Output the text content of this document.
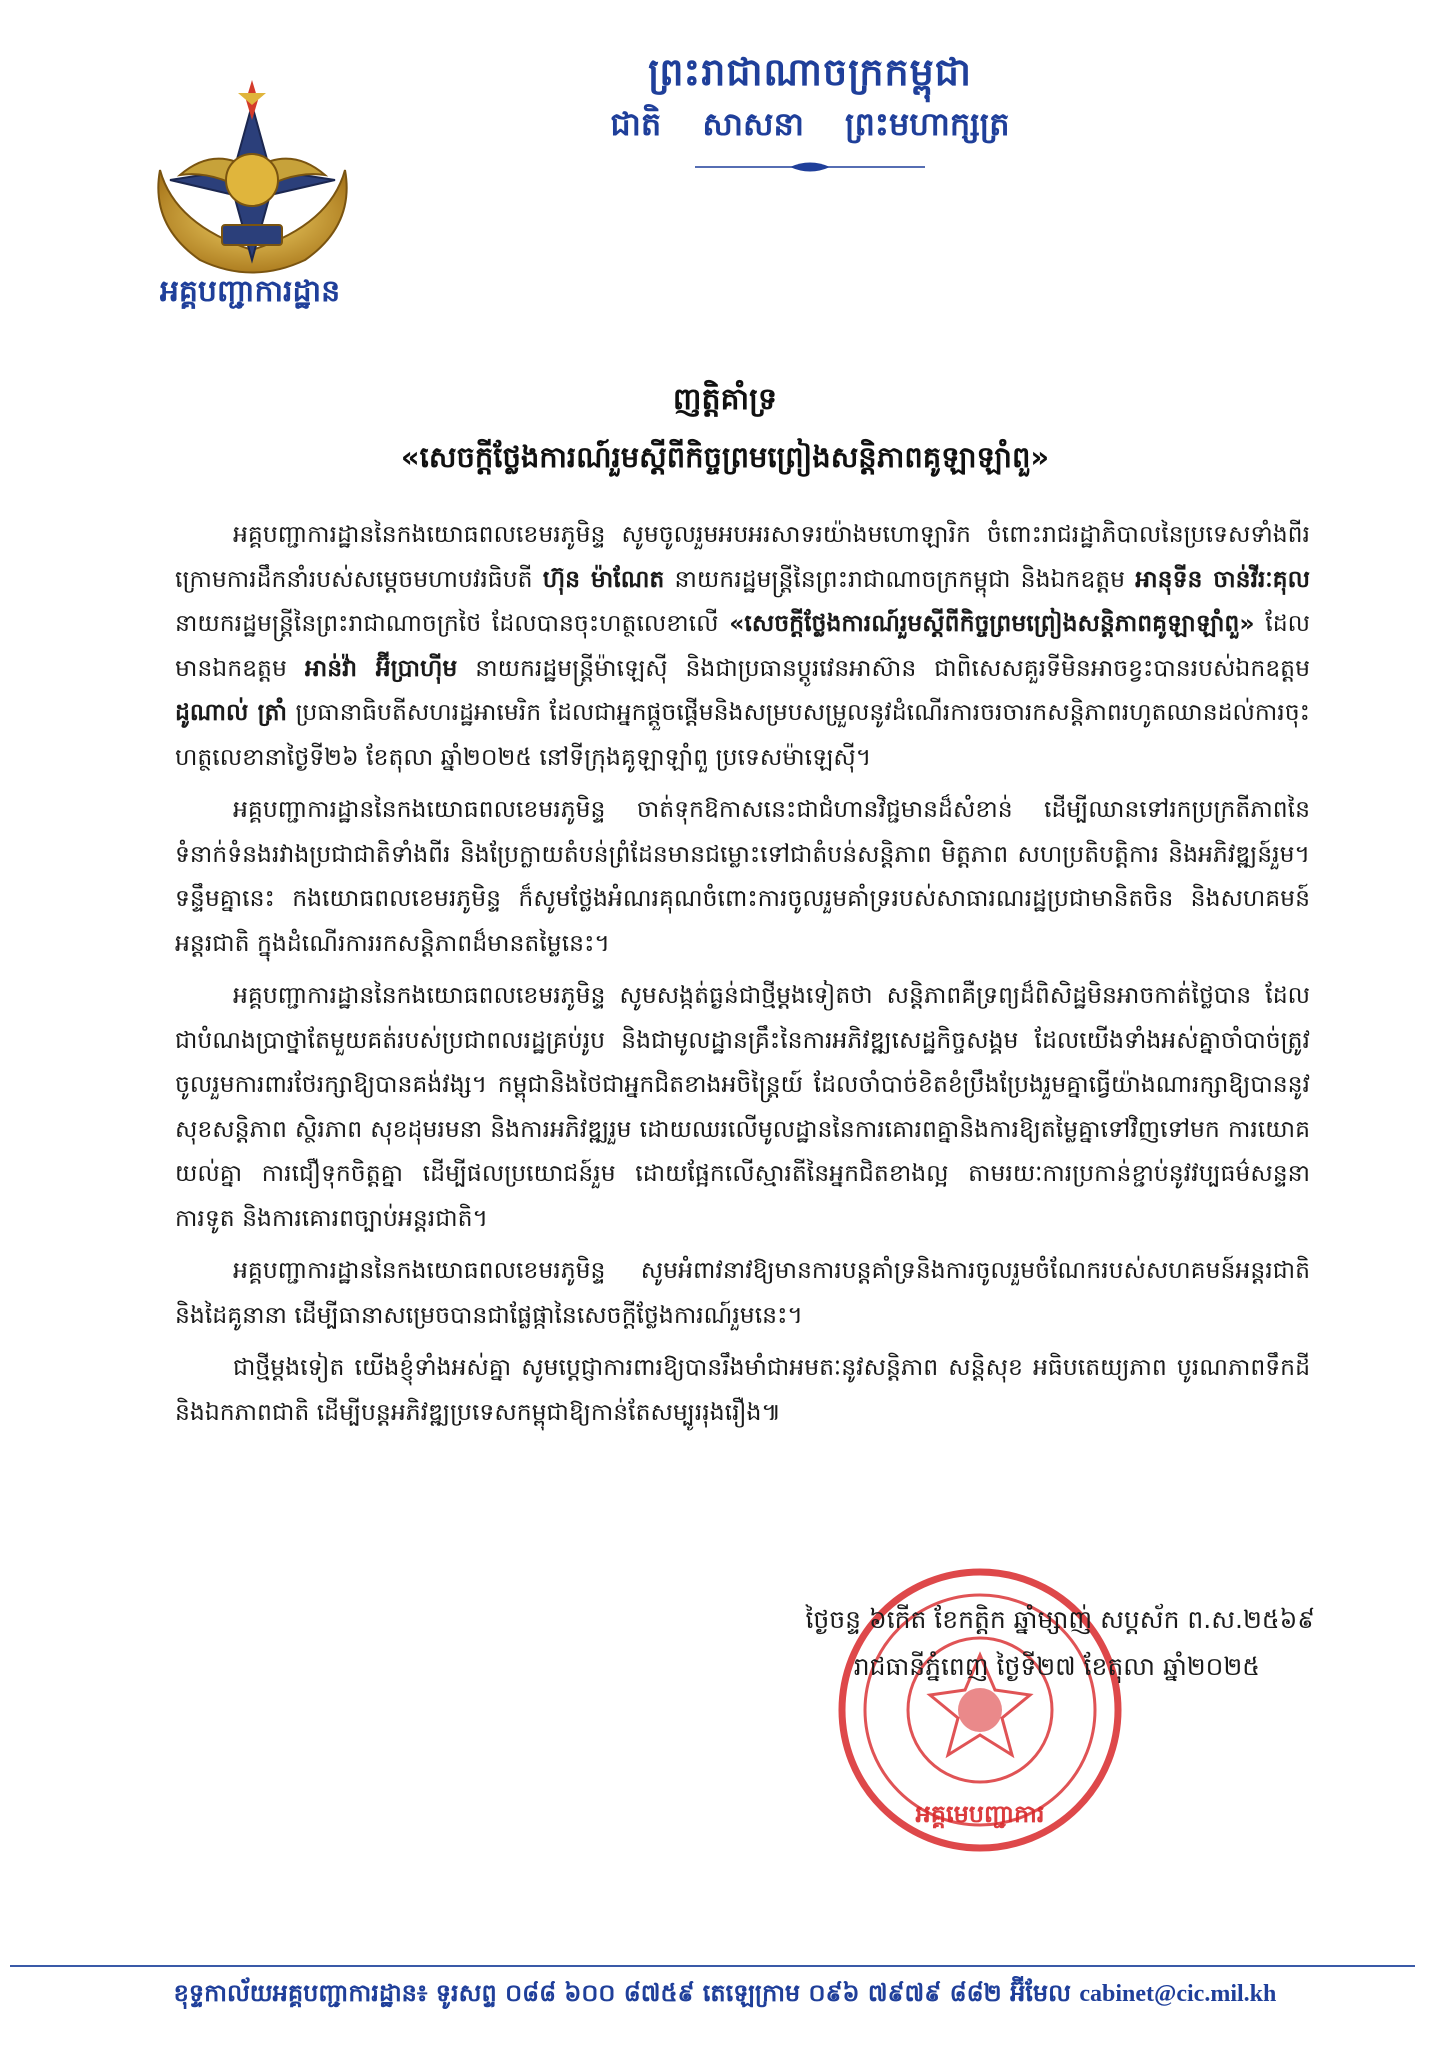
អគ្គបញ្ជាការដ្ឋាន
ព្រះរាជាណាចក្រកម្ពុជា
ជាតិ សាសនា ព្រះមហាក្សត្រ
ញត្តិគាំទ្រ
«សេចក្តីថ្លែងការណ៍រួមស្តីពីកិច្ចព្រមព្រៀងសន្តិភាពគូឡាឡាំពួ»

អគ្គបញ្ជាការដ្ឋាននៃកងយោធពលខេមរភូមិន្ទ សូមចូលរួមអបអរសាទរយ៉ាងមហោឡារិក ចំពោះរាជរដ្ឋាភិបាលនៃប្រទេសទាំងពីរ ក្រោមការដឹកនាំរបស់សម្តេចមហាបវរធិបតី ហ៊ុន ម៉ាណែត នាយករដ្ឋមន្ត្រីនៃព្រះរាជាណាចក្រកម្ពុជា និងឯកឧត្តម អានុទីន ចាន់វីរៈគុល នាយករដ្ឋមន្ត្រីនៃព្រះរាជាណាចក្រថៃ ដែលបានចុះហត្ថលេខាលើ «សេចក្តីថ្លែងការណ៍រួមស្តីពីកិច្ចព្រមព្រៀងសន្តិភាពគូឡាឡាំពួ» ដែលមានឯកឧត្តម អាន់វ៉ា អ៊ីប្រាហ៊ីម នាយករដ្ឋមន្ត្រីម៉ាឡេស៊ី និងជាប្រធានប្តូរវេនអាស៊ាន ជាពិសេសគួរទីមិនអាចខ្វះបានរបស់ឯកឧត្តម ដូណាល់ ត្រាំ ប្រធានាធិបតីសហរដ្ឋអាមេរិក ដែលជាអ្នកផ្តួចផ្តើមនិងសម្របសម្រួលនូវដំណើរការចរចារកសន្តិភាពរហូតឈានដល់ការចុះហត្ថលេខានាថ្ងៃទី២៦ ខែតុលា ឆ្នាំ២០២៥ នៅទីក្រុងគូឡាឡាំពួ ប្រទេសម៉ាឡេស៊ី។

អគ្គបញ្ជាការដ្ឋាននៃកងយោធពលខេមរភូមិន្ទ ចាត់ទុកឱកាសនេះជាជំហានវិជ្ជមានដ៏សំខាន់ ដើម្បីឈានទៅរកប្រក្រតីភាពនៃទំនាក់ទំនងរវាងប្រជាជាតិទាំងពីរ និងប្រែក្លាយតំបន់ព្រំដែនមានជម្លោះទៅជាតំបន់សន្តិភាព មិត្តភាព សហប្រតិបត្តិការ និងអភិវឌ្ឍន៍រួម។ ទន្ទឹមគ្នានេះ កងយោធពលខេមរភូមិន្ទ ក៏សូមថ្លែងអំណរគុណចំពោះការចូលរួមគាំទ្ររបស់សាធារណរដ្ឋប្រជាមានិតចិន និងសហគមន៍អន្តរជាតិ ក្នុងដំណើរការរកសន្តិភាពដ៏មានតម្លៃនេះ។

អគ្គបញ្ជាការដ្ឋាននៃកងយោធពលខេមរភូមិន្ទ សូមសង្កត់ធ្ងន់ជាថ្មីម្តងទៀតថា សន្តិភាពគឺទ្រព្យដ៏ពិសិដ្ឋមិនអាចកាត់ថ្លៃបាន ដែលជាបំណងប្រាថ្នាតែមួយគត់របស់ប្រជាពលរដ្ឋគ្រប់រូប និងជាមូលដ្ឋានគ្រឹះនៃការអភិវឌ្ឍសេដ្ឋកិច្ចសង្គម ដែលយើងទាំងអស់គ្នាចាំបាច់ត្រូវចូលរួមការពារថែរក្សាឱ្យបានគង់វង្ស។ កម្ពុជានិងថៃជាអ្នកជិតខាងអចិន្ត្រៃយ៍ ដែលចាំបាច់ខិតខំប្រឹងប្រែងរួមគ្នាធ្វើយ៉ាងណារក្សាឱ្យបាននូវសុខសន្តិភាព ស្ថិរភាព សុខដុមរមនា និងការអភិវឌ្ឍរួម ដោយឈរលើមូលដ្ឋាននៃការគោរពគ្នានិងការឱ្យតម្លៃគ្នាទៅវិញទៅមក ការយោគយល់គ្នា ការជឿទុកចិត្តគ្នា ដើម្បីផលប្រយោជន៍រួម ដោយផ្អែកលើស្មារតីនៃអ្នកជិតខាងល្អ តាមរយៈការប្រកាន់ខ្ជាប់នូវវប្បធម៌សន្ទនាការទូត និងការគោរពច្បាប់អន្តរជាតិ។

អគ្គបញ្ជាការដ្ឋាននៃកងយោធពលខេមរភូមិន្ទ សូមអំពាវនាវឱ្យមានការបន្តគាំទ្រនិងការចូលរួមចំណែករបស់សហគមន៍អន្តរជាតិ និងដៃគូនានា ដើម្បីធានាសម្រេចបានជាផ្លែផ្កានៃសេចក្តីថ្លែងការណ៍រួមនេះ។

ជាថ្មីម្តងទៀត យើងខ្ញុំទាំងអស់គ្នា សូមប្តេជ្ញាការពារឱ្យបានរឹងមាំជាអមតៈនូវសន្តិភាព សន្តិសុខ អធិបតេយ្យភាព បូរណភាពទឹកដី និងឯកភាពជាតិ ដើម្បីបន្តអភិវឌ្ឍប្រទេសកម្ពុជាឱ្យកាន់តែសម្បូររុងរឿង៕

អគ្គមេបញ្ជាការ
ថ្ងៃចន្ទ ៦កើត ខែកត្តិក ឆ្នាំម្សាញ់ សប្តស័ក ព.ស.២៥៦៩
រាជធានីភ្នំពេញ ថ្ងៃទី២៧ ខែតុលា ឆ្នាំ២០២៥
ខុទ្ទកាល័យអគ្គបញ្ជាការដ្ឋាន៖ ទូរសព្ទ ០៨៨ ៦០០ ៨៧៥៩ តេឡេក្រាម ០៩៦ ៧៩៧៩ ៨៨២ អ៊ីមែល cabinet@cic.mil.kh
